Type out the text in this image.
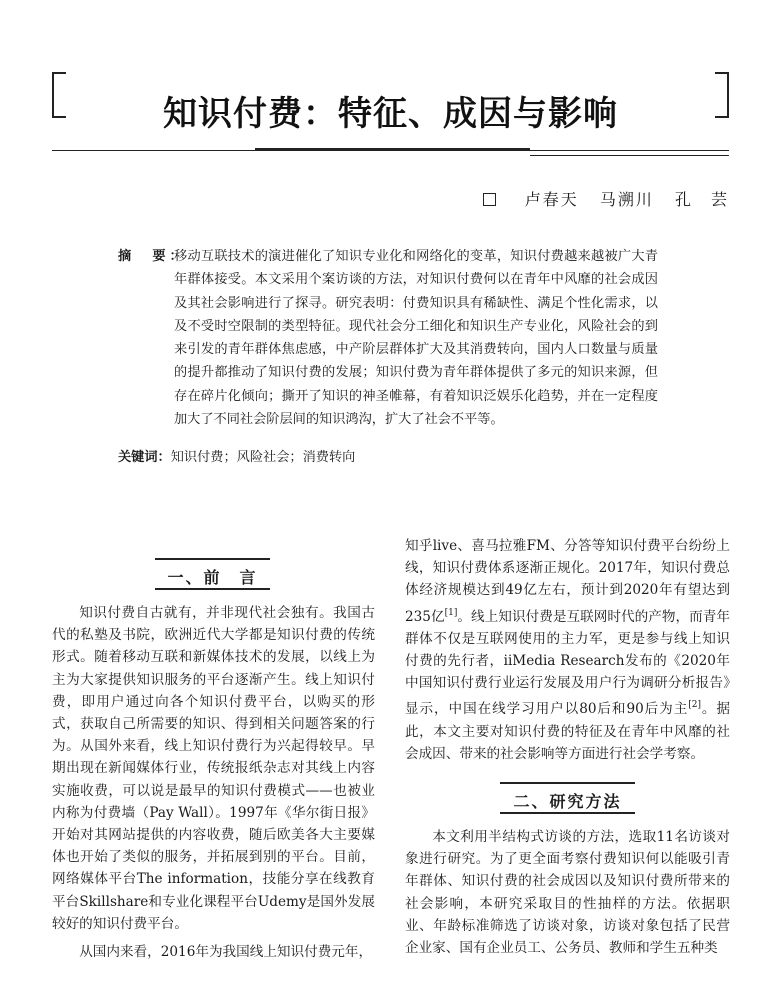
知识付费：特征、成因与影响
卢春天 马溯川 孔　芸
摘　要：
移动互联技术的演进催化了知识专业化和网络化的变革，知识付费越来越被广大青年群体接受。本文采用个案访谈的方法，对知识付费何以在青年中风靡的社会成因及其社会影响进行了探寻。研究表明：付费知识具有稀缺性、满足个性化需求，以及不受时空限制的类型特征。现代社会分工细化和知识生产专业化，风险社会的到来引发的青年群体焦虑感，中产阶层群体扩大及其消费转向，国内人口数量与质量的提升都推动了知识付费的发展；知识付费为青年群体提供了多元的知识来源，但存在碎片化倾向；撕开了知识的神圣帷幕，有着知识泛娱乐化趋势，并在一定程度加大了不同社会阶层间的知识鸿沟，扩大了社会不平等。
关键词：知识付费；风险社会；消费转向
一、前　言

知识付费自古就有，并非现代社会独有。我国古代的私塾及书院，欧洲近代大学都是知识付费的传统形式。随着移动互联和新媒体技术的发展，以线上为主为大家提供知识服务的平台逐渐产生。线上知识付费，即用户通过向各个知识付费平台，以购买的形式，获取自己所需要的知识、得到相关问题答案的行为。从国外来看，线上知识付费行为兴起得较早。早期出现在新闻媒体行业，传统报纸杂志对其线上内容实施收费，可以说是最早的知识付费模式——也被业内称为付费墙（Pay Wall）。1997年《华尔街日报》开始对其网站提供的内容收费，随后欧美各大主要媒体也开始了类似的服务，并拓展到别的平台。目前，网络媒体平台The information，技能分享在线教育平台Skillshare和专业化课程平台Udemy是国外发展较好的知识付费平台。

从国内来看，2016年为我国线上知识付费元年，

知乎live、喜马拉雅FM、分答等知识付费平台纷纷上线，知识付费体系逐渐正规化。2017年，知识付费总体经济规模达到49亿左右，预计到2020年有望达到235亿[1]。线上知识付费是互联网时代的产物，而青年群体不仅是互联网使用的主力军，更是参与线上知识付费的先行者，iiMedia Research发布的《2020年中国知识付费行业运行发展及用户行为调研分析报告》显示，中国在线学习用户以80后和90后为主[2]。据此，本文主要对知识付费的特征及在青年中风靡的社会成因、带来的社会影响等方面进行社会学考察。

二、研究方法

本文利用半结构式访谈的方法，选取11名访谈对象进行研究。为了更全面考察付费知识何以能吸引青年群体、知识付费的社会成因以及知识付费所带来的社会影响，本研究采取目的性抽样的方法。依据职业、年龄标准筛选了访谈对象，访谈对象包括了民营企业家、国有企业员工、公务员、教师和学生五种类
